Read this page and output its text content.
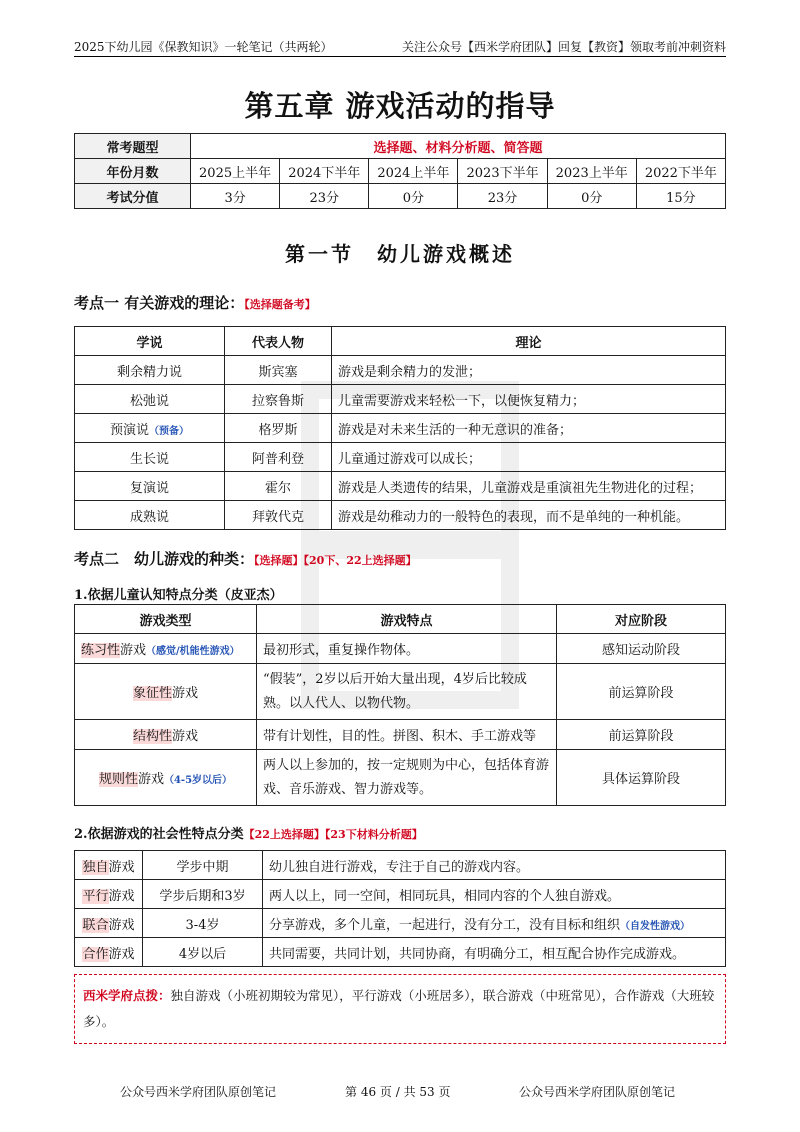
2025下幼儿园《保教知识》一轮笔记（共两轮）	关注公众号【西米学府团队】回复【教资】领取考前冲刺资料
第五章 游戏活动的指导
常考题型	选择题、材料分析题、简答题					
年份月数	2025上半年	2024下半年	2024上半年	2023下半年	2023上半年	2022下半年
考试分值	3分	23分	0分	23分	0分	15分
第一节　幼儿游戏概述
考点一 有关游戏的理论：【选择题备考】
学说	代表人物	理论
剩余精力说	斯宾塞	游戏是剩余精力的发泄；
松弛说	拉察鲁斯	儿童需要游戏来轻松一下，以便恢复精力；
预演说（预备）	格罗斯	游戏是对未来生活的一种无意识的准备；
生长说	阿普利登	儿童通过游戏可以成长；
复演说	霍尔	游戏是人类遗传的结果，儿童游戏是重演祖先生物进化的过程；
成熟说	拜敦代克	游戏是幼稚动力的一般特色的表现，而不是单纯的一种机能。
考点二　幼儿游戏的种类：【选择题】【20下、22上选择题】
1.依据儿童认知特点分类（皮亚杰）
游戏类型	游戏特点	对应阶段
练习性游戏（感觉/机能性游戏）	最初形式，重复操作物体。	感知运动阶段
象征性游戏	“假装”，2岁以后开始大量出现，4岁后比较成熟。以人代人、以物代物。	前运算阶段
结构性游戏	带有计划性，目的性。拼图、积木、手工游戏等	前运算阶段
规则性游戏（4-5岁以后）	两人以上参加的，按一定规则为中心，包括体育游戏、音乐游戏、智力游戏等。	具体运算阶段
2.依据游戏的社会性特点分类【22上选择题】【23下材料分析题】
独自游戏	学步中期	幼儿独自进行游戏，专注于自己的游戏内容。
平行游戏	学步后期和3岁	两人以上，同一空间，相同玩具，相同内容的个人独自游戏。
联合游戏	3-4岁	分享游戏，多个儿童，一起进行，没有分工，没有目标和组织（自发性游戏）
合作游戏	4岁以后	共同需要，共同计划，共同协商，有明确分工，相互配合协作完成游戏。
西米学府点拨：独自游戏（小班初期较为常见），平行游戏（小班居多），联合游戏（中班常见），合作游戏（大班较多）。
公众号西米学府团队原创笔记	第 46 页 / 共 53 页	公众号西米学府团队原创笔记
